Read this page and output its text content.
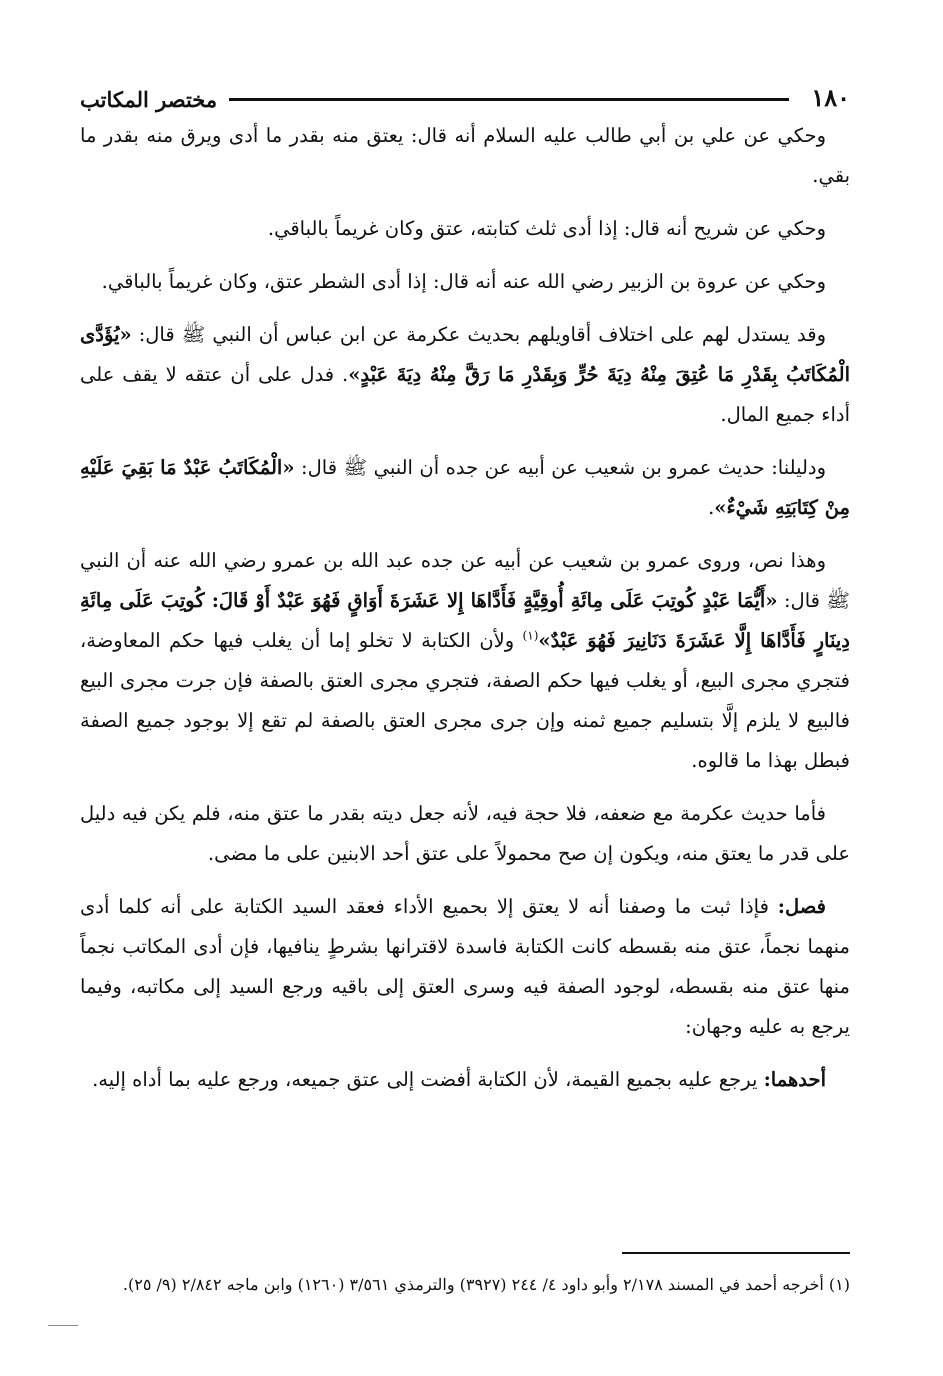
١٨٠
مختصر المكاتب

وحكي عن علي بن أبي طالب عليه السلام أنه قال: يعتق منه بقدر ما أدى ويرق منه بقدر ما بقي.

وحكي عن شريح أنه قال: إذا أدى ثلث كتابته، عتق وكان غريماً بالباقي.

وحكي عن عروة بن الزبير رضي الله عنه أنه قال: إذا أدى الشطر عتق، وكان غريماً بالباقي.

وقد يستدل لهم على اختلاف أقاويلهم بحديث عكرمة عن ابن عباس أن النبي ﷺ قال: «يُؤَدَّى الْمُكَاتَبُ بِقَدْرِ مَا عُتِقَ مِنْهُ دِيَةَ حُرٍّ وَبِقَدْرِ مَا رَقَّ مِنْهُ دِيَةَ عَبْدٍ». فدل على أن عتقه لا يقف على أداء جميع المال.

ودليلنا: حديث عمرو بن شعيب عن أبيه عن جده أن النبي ﷺ قال: «الْمُكَاتَبُ عَبْدٌ مَا بَقِيَ عَلَيْهِ مِنْ كِتَابَتِهِ شَيْءٌ».

وهذا نص، وروى عمرو بن شعيب عن أبيه عن جده عبد الله بن عمرو رضي الله عنه أن النبي ﷺ قال: «أَيُّمَا عَبْدٍ كُوتِبَ عَلَى مِائَةِ أُوقِيَّةٍ فَأَدَّاهَا إِلا عَشَرَةَ أَوَاقٍ فَهُوَ عَبْدٌ أَوْ قَالَ: كُوتِبَ عَلَى مِائَةِ دِينَارٍ فَأَدَّاهَا إِلَّا عَشَرَةَ دَنَانِيرَ فَهُوَ عَبْدٌ»$^{(١)}$ ولأن الكتابة لا تخلو إما أن يغلب فيها حكم المعاوضة، فتجري مجرى البيع، أو يغلب فيها حكم الصفة، فتجري مجرى العتق بالصفة فإن جرت مجرى البيع فالبيع لا يلزم إلَّا بتسليم جميع ثمنه وإن جرى مجرى العتق بالصفة لم تقع إلا بوجود جميع الصفة فبطل بهذا ما قالوه.

فأما حديث عكرمة مع ضعفه، فلا حجة فيه، لأنه جعل ديته بقدر ما عتق منه، فلم يكن فيه دليل على قدر ما يعتق منه، ويكون إن صح محمولاً على عتق أحد الابنين على ما مضى.

فصل: فإذا ثبت ما وصفنا أنه لا يعتق إلا بحميع الأداء فعقد السيد الكتابة على أنه كلما أدى منهما نجماً، عتق منه بقسطه كانت الكتابة فاسدة لاقترانها بشرطٍ ينافيها، فإن أدى المكاتب نجماً منها عتق منه بقسطه، لوجود الصفة فيه وسرى العتق إلى باقيه ورجع السيد إلى مكاتبه، وفيما يرجع به عليه وجهان:

أحدهما: يرجع عليه بجميع القيمة، لأن الكتابة أفضت إلى عتق جميعه، ورجع عليه بما أداه إليه.

(١) أخرجه أحمد في المسند ٢/١٧٨ وأبو داود ٤/ ٢٤٤ (٣٩٢٧) والترمذي ٣/٥٦١ (١٢٦٠) وابن ماجه ٢/٨٤٢ (٩/ ٢٥).
